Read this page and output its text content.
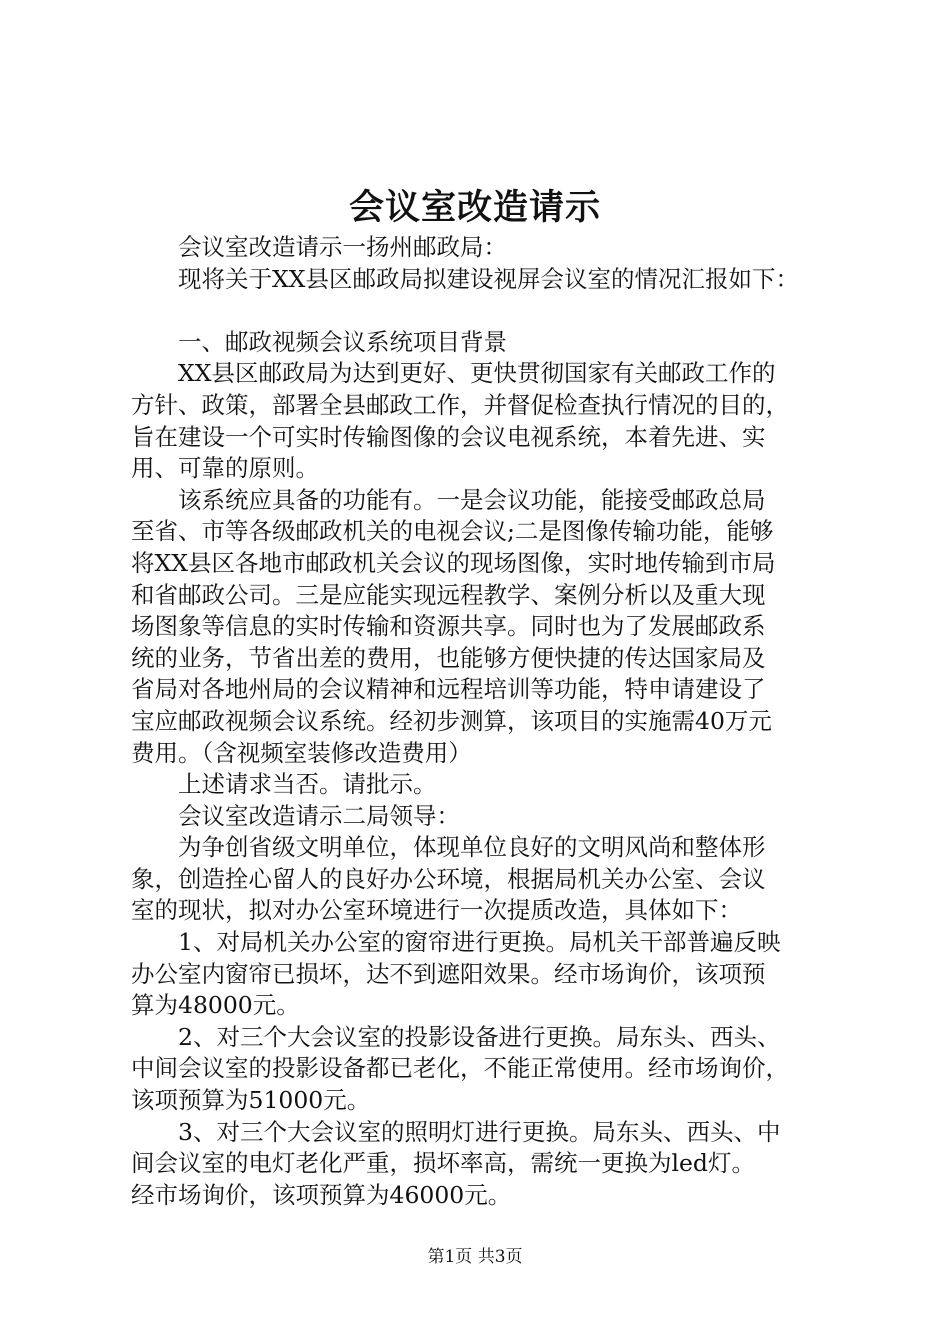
会议室改造请示

会议室改造请示一扬州邮政局：

现将关于XX县区邮政局拟建设视屏会议室的情况汇报如下：

一、邮政视频会议系统项目背景

XX县区邮政局为达到更好、更快贯彻国家有关邮政工作的

方针、政策，部署全县邮政工作，并督促检查执行情况的目的，

旨在建设一个可实时传输图像的会议电视系统，本着先进、实

用、可靠的原则。

该系统应具备的功能有。一是会议功能，能接受邮政总局

至省、市等各级邮政机关的电视会议;二是图像传输功能，能够

将XX县区各地市邮政机关会议的现场图像，实时地传输到市局

和省邮政公司。三是应能实现远程教学、案例分析以及重大现

场图象等信息的实时传输和资源共享。同时也为了发展邮政系

统的业务，节省出差的费用，也能够方便快捷的传达国家局及

省局对各地州局的会议精神和远程培训等功能，特申请建设了

宝应邮政视频会议系统。经初步测算，该项目的实施需40万元

费用。（含视频室装修改造费用）

上述请求当否。请批示。

会议室改造请示二局领导：

为争创省级文明单位，体现单位良好的文明风尚和整体形

象，创造拴心留人的良好办公环境，根据局机关办公室、会议

室的现状，拟对办公室环境进行一次提质改造，具体如下：

1、对局机关办公室的窗帘进行更换。局机关干部普遍反映

办公室内窗帘已损坏，达不到遮阳效果。经市场询价，该项预

算为48000元。

2、对三个大会议室的投影设备进行更换。局东头、西头、

中间会议室的投影设备都已老化，不能正常使用。经市场询价，

该项预算为51000元。

3、对三个大会议室的照明灯进行更换。局东头、西头、中

间会议室的电灯老化严重，损坏率高，需统一更换为led灯。

经市场询价，该项预算为46000元。

第1页 共3页
